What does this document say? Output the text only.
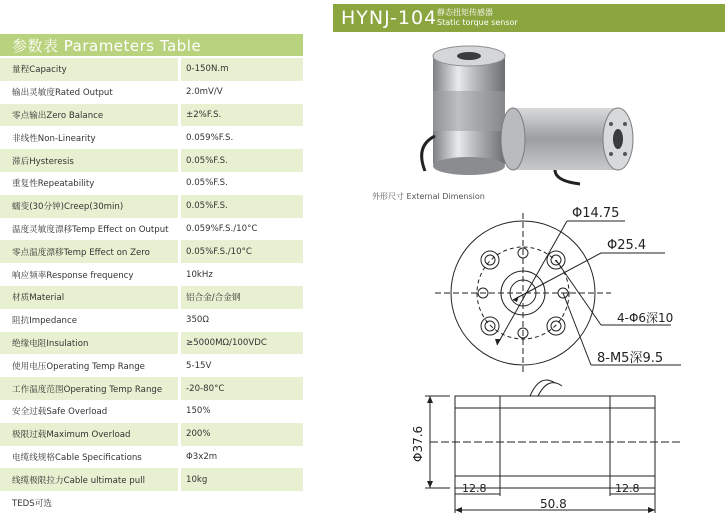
参数表 Parameters Table
量程Capacity	0-150N.m
输出灵敏度Rated Output	2.0mV/V
零点输出Zero Balance	±2%F.S.
非线性Non-Linearity	0.059%F.S.
滞后Hysteresis	0.05%F.S.
重复性Repeatability	0.05%F.S.
蠕变(30分钟)Creep(30min)	0.05%F.S.
温度灵敏度漂移Temp Effect on Output	0.059%F.S./10°C
零点温度漂移Temp Effect on Zero	0.05%F.S./10°C
响应频率Response frequency	10kHz
材质Material	铝合金/合金钢
阻抗Impedance	350Ω
绝缘电阻Insulation	≥5000MΩ/100VDC
使用电压Operating Temp Range	5-15V
工作温度范围Operating Temp Range	-20-80°C
安全过载Safe Overload	150%
极限过载Maximum Overload	200%
电缆线规格Cable Specifications	Φ3x2m
线缆极限拉力Cable ultimate pull	10kg
TEDS可选
HYNJ-104 静态扭矩传感器
Static torque sensor
外形尺寸 External Dimension
Φ14.75
Φ25.4
4-Φ6深10
8-M5深9.5
Φ37.6
12.8	12.8
50.8
